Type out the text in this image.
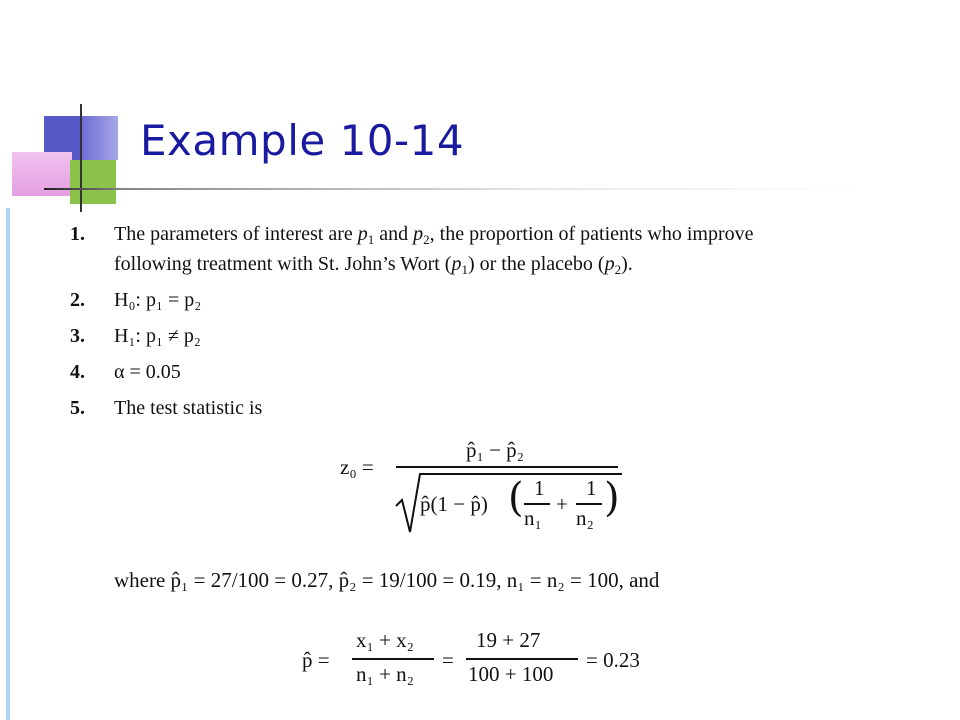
Example 10-14
1. The parameters of interest are $p_1$ and $p_2$, the proportion of patients who improve
following treatment with St. John’s Wort $(p_1)$ or the placebo $(p_2)$.
2. H₀: p₁ = p₂
3. H₁: p₁ ≠ p₂
4. α = 0.05
5. The test statistic is
z₀ =
p̂₁ − p̂₂
p̂(1 − p̂) ( 1
n₁
+
1
n₂ )
where p̂₁ = 27/100 = 0.27, p̂₂ = 19/100 = 0.19, n₁ = n₂ = 100, and
p̂ =
x₁ + x₂
n₁ + n₂
=
19 + 27
100 + 100
= 0.23
